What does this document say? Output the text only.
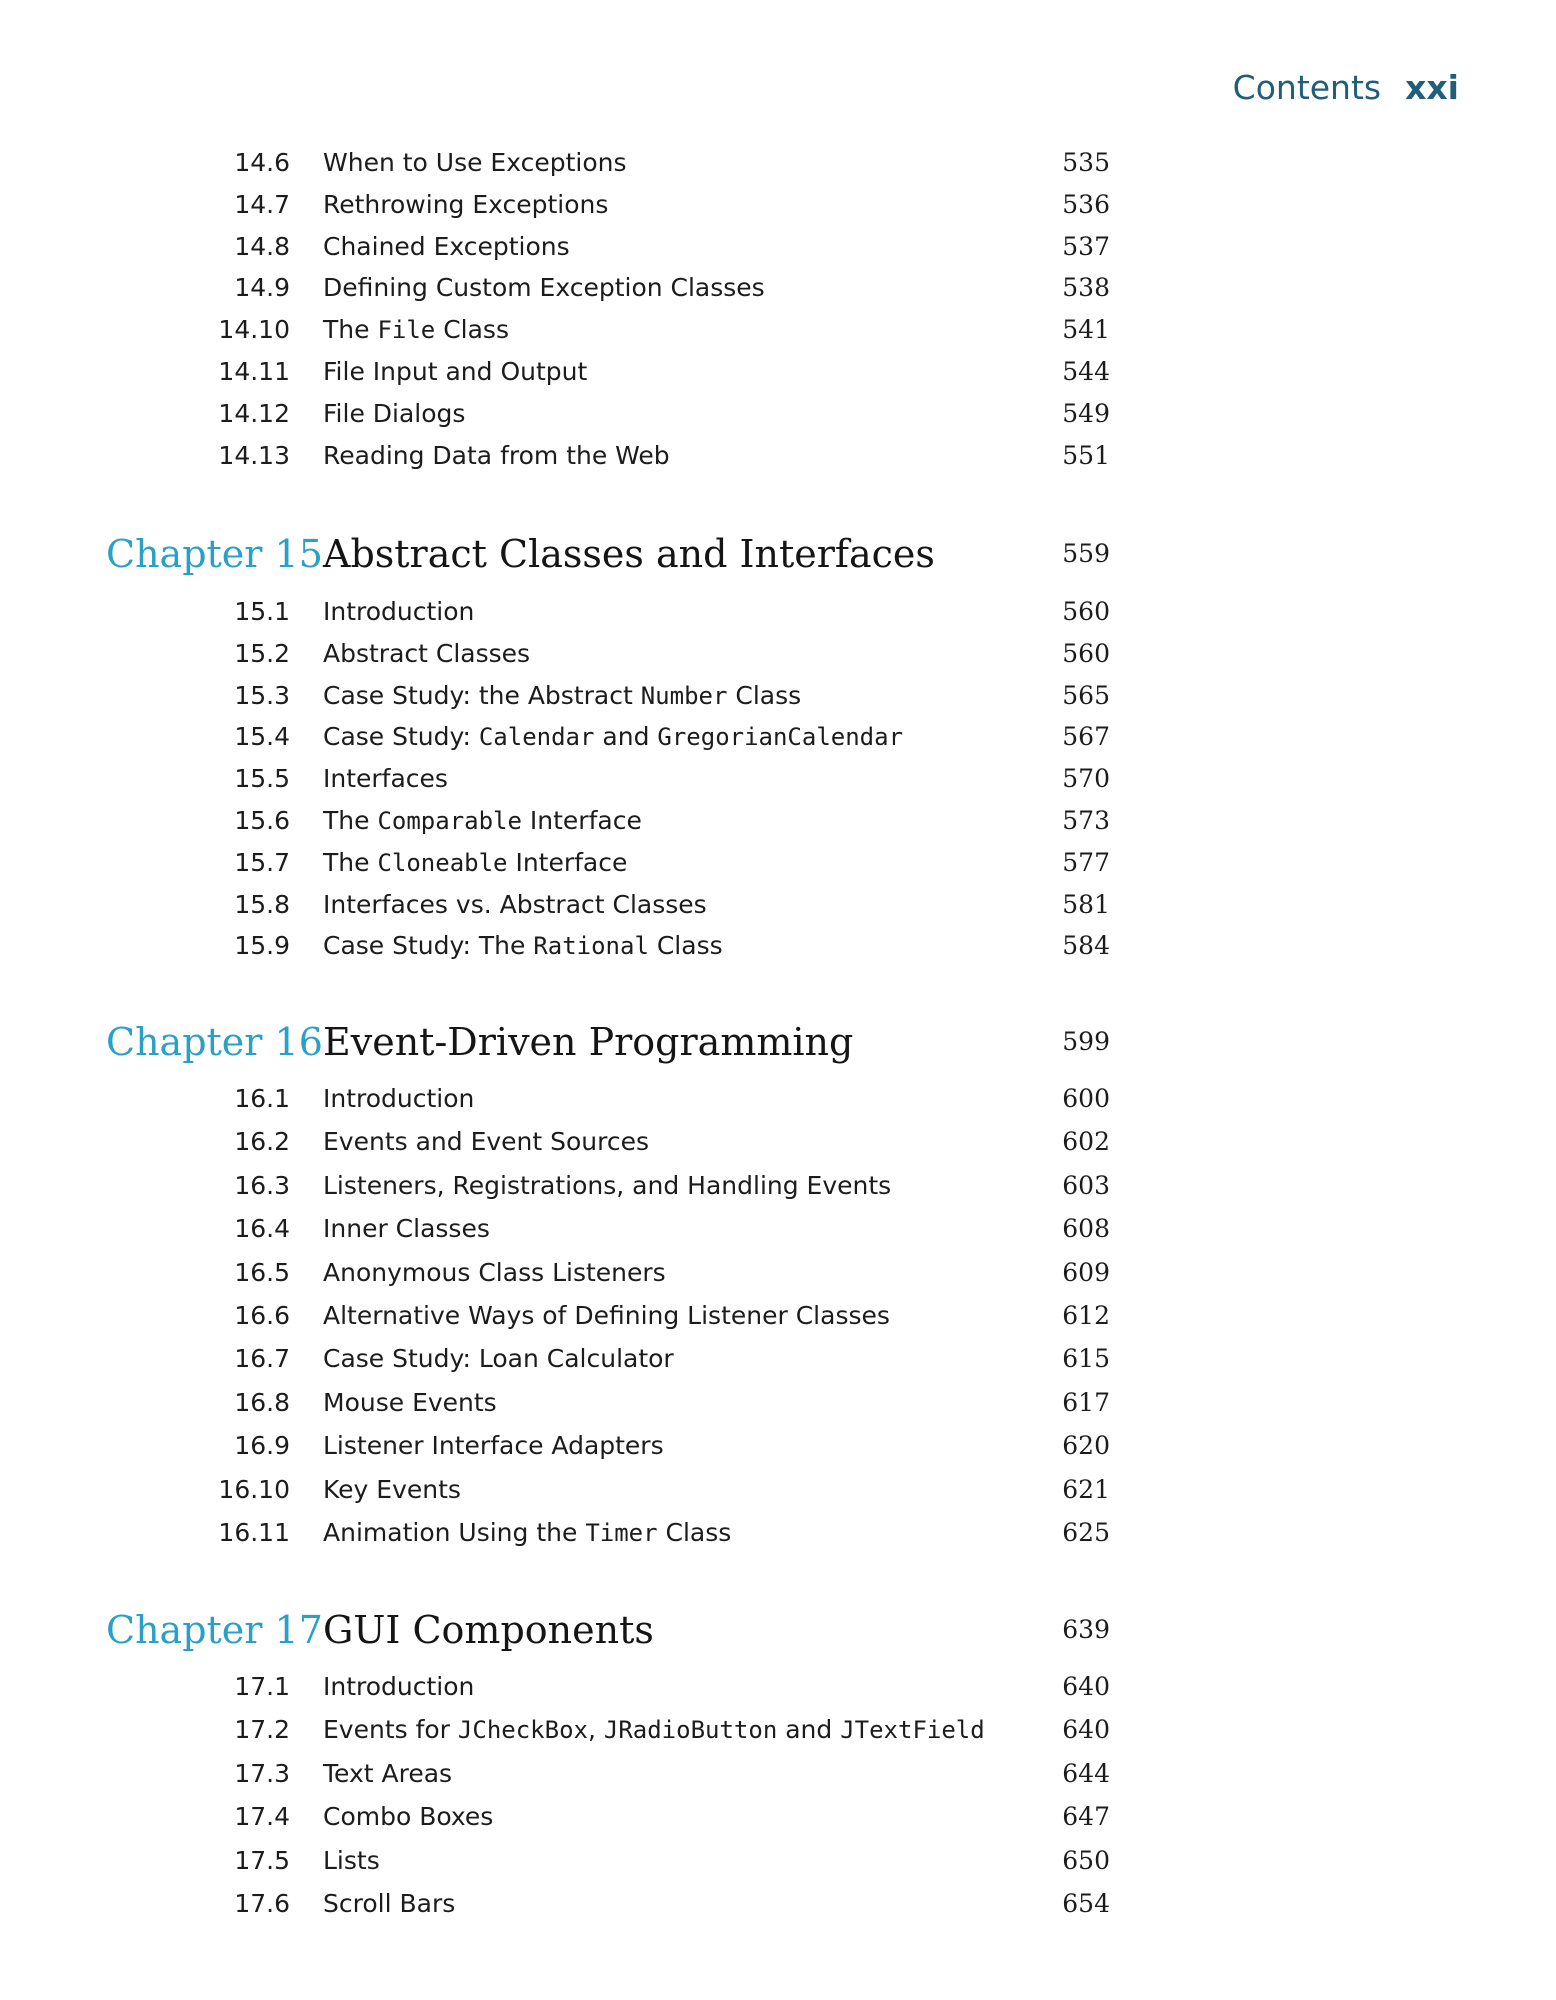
Contents xxi
14.6 When to Use Exceptions	535
14.7 Rethrowing Exceptions	536
14.8 Chained Exceptions	537
14.9 Defining Custom Exception Classes	538
14.10 The File Class	541
14.11 File Input and Output	544
14.12 File Dialogs	549
14.13 Reading Data from the Web	551
Chapter 15 Abstract Classes and Interfaces	559
15.1 Introduction	560
15.2 Abstract Classes	560
15.3 Case Study: the Abstract Number Class	565
15.4 Case Study: Calendar and GregorianCalendar	567
15.5 Interfaces	570
15.6 The Comparable Interface	573
15.7 The Cloneable Interface	577
15.8 Interfaces vs. Abstract Classes	581
15.9 Case Study: The Rational Class	584
Chapter 16 Event-Driven Programming	599
16.1 Introduction	600
16.2 Events and Event Sources	602
16.3 Listeners, Registrations, and Handling Events	603
16.4 Inner Classes	608
16.5 Anonymous Class Listeners	609
16.6 Alternative Ways of Defining Listener Classes	612
16.7 Case Study: Loan Calculator	615
16.8 Mouse Events	617
16.9 Listener Interface Adapters	620
16.10 Key Events	621
16.11 Animation Using the Timer Class	625
Chapter 17 GUI Components	639
17.1 Introduction	640
17.2 Events for JCheckBox, JRadioButton and JTextField	640
17.3 Text Areas	644
17.4 Combo Boxes	647
17.5 Lists	650
17.6 Scroll Bars	654
